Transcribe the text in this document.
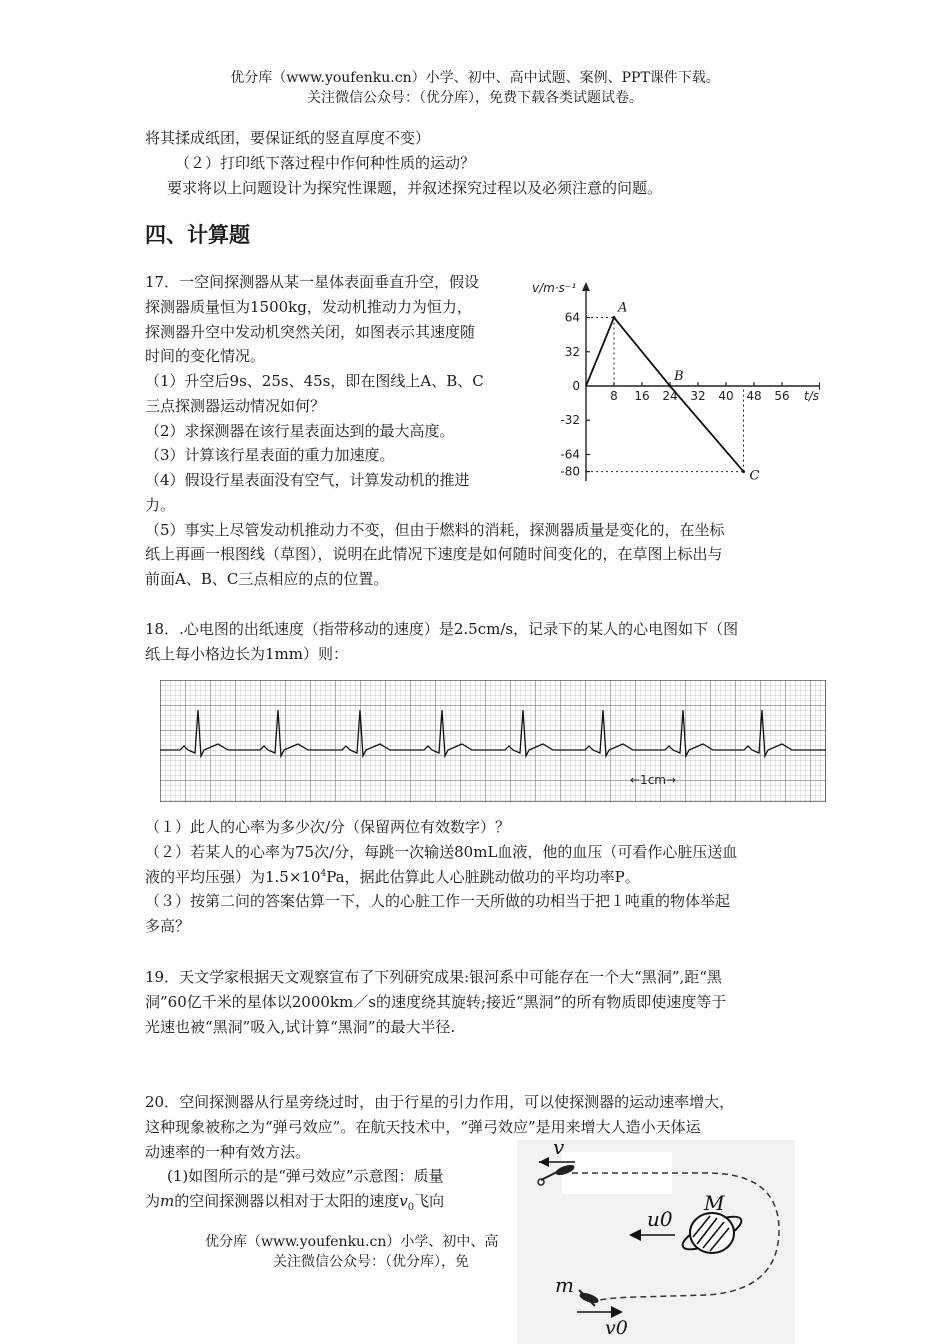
优分库（www.youfenku.cn）小学、初中、高中试题、案例、PPT课件下载。
关注微信公众号：（优分库），免费下载各类试题试卷。

将其揉成纸团，要保证纸的竖直厚度不变）

（２）打印纸下落过程中作何种性质的运动？

要求将以上问题设计为探究性课题，并叙述探究过程以及必须注意的问题。

四、计算题

17．一空间探测器从某一星体表面垂直升空，假设

探测器质量恒为1500kg，发动机推动力为恒力，

探测器升空中发动机突然关闭，如图表示其速度随

时间的变化情况。

（1）升空后9s、25s、45s，即在图线上A、B、C

三点探测器运动情况如何？

（2）求探测器在该行星表面达到的最大高度。

（3）计算该行星表面的重力加速度。

（4）假设行星表面没有空气，计算发动机的推进

力。

（5）事实上尽管发动机推动力不变，但由于燃料的消耗，探测器质量是变化的，在坐标

纸上再画一根图线（草图），说明在此情况下速度是如何随时间变化的，在草图上标出与

前面A、B、C三点相应的点的位置。

v/m·s⁻¹
t/s
8 16 24 32 40 48 56
64
32
0
-32
-64
-80
A
B
C

18．.心电图的出纸速度（指带移动的速度）是2.5cm/s，记录下的某人的心电图如下（图

纸上每小格边长为1mm）则：

←1cm→

（１）此人的心率为多少次/分（保留两位有效数字）？

（２）若某人的心率为75次/分，每跳一次输送80mL血液，他的血压（可看作心脏压送血

液的平均压强）为$1.5\times 10^4Pa$，据此估算此人心脏跳动做功的平均功率P。

（３）按第二问的答案估算一下，人的心脏工作一天所做的功相当于把１吨重的物体举起

多高？

19．天文学家根据天文观察宣布了下列研究成果:银河系中可能存在一个大“黑洞”,距“黑

洞”60亿千米的星体以2000km／s的速度绕其旋转;接近“黑洞”的所有物质即使速度等于

光速也被“黑洞”吸入,试计算“黑洞”的最大半径.

20．空间探测器从行星旁绕过时，由于行星的引力作用，可以使探测器的运动速率增大，

这种现象被称之为“弹弓效应”。在航天技术中，“弹弓效应”是用来增大人造小天体运

动速率的一种有效方法。

(1)如图所示的是“弹弓效应”示意图：质量

为m的空间探测器以相对于太阳的速度$v_0$飞向

v
M
u0
m
v0
优分库（www.youfenku.cn）小学、初中、高
关注微信公众号：（优分库），免
